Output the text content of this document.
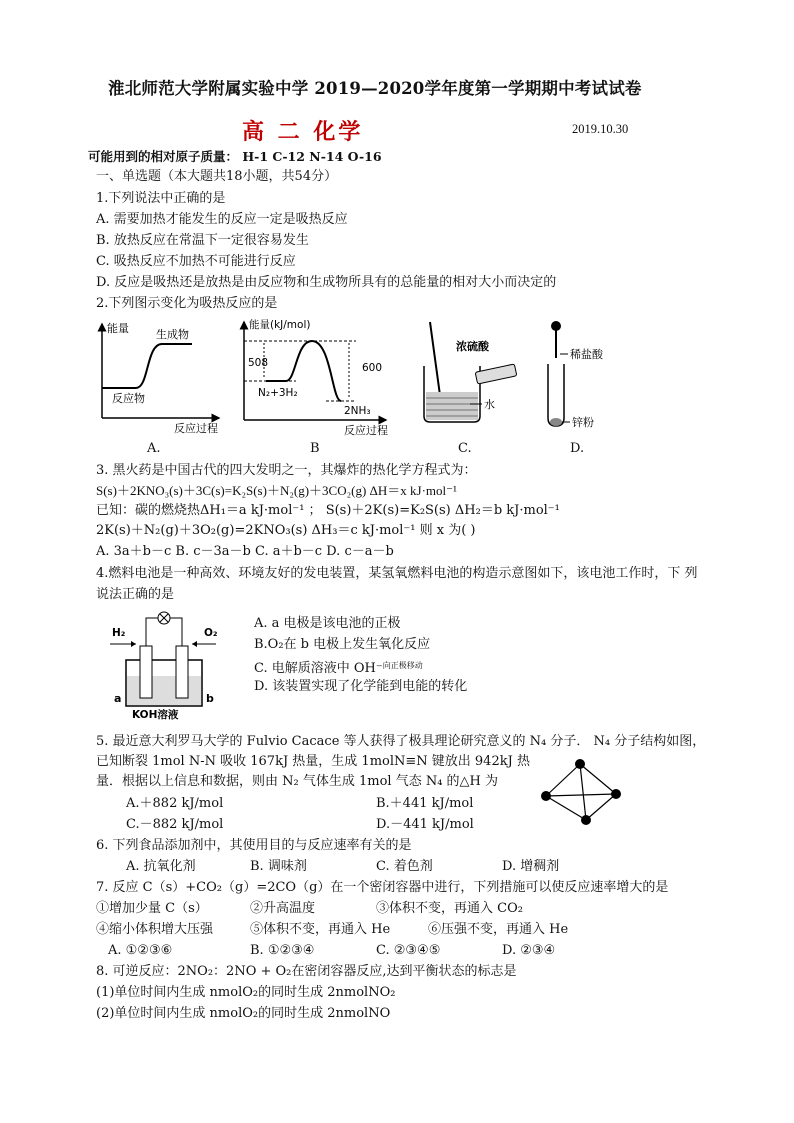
淮北师范大学附属实验中学 2019—2020学年度第一学期期中考试试卷
高 二 化学	2019.10.30
可能用到的相对原子质量： H-1 C-12 N-14 O-16
一、单选题（本大题共18小题，共54分）
1.下列说法中正确的是
A. 需要加热才能发生的反应一定是吸热反应
B. 放热反应在常温下一定很容易发生
C. 吸热反应不加热不可能进行反应
D. 反应是吸热还是放热是由反应物和生成物所具有的总能量的相对大小而决定的
2.下列图示变化为吸热反应的是
能量 生成物
反应物
反应过程
A.
能量(kJ/mol)
508	600
N₂+3H₂
2NH₃
反应过程
B
浓硫酸
水
C.
稀盐酸
锌粉
D.
3. 黑火药是中国古代的四大发明之一，其爆炸的热化学方程式为：
S(s)＋2KNO₃(s)＋3C(s)=K₂S(s)＋N₂(g)＋3CO₂(g) ΔH＝x kJ·mol⁻¹
已知：碳的燃烧热ΔH₁＝a kJ·mol⁻¹ ； S(s)＋2K(s)=K₂S(s) ΔH₂＝b kJ·mol⁻¹
2K(s)＋N₂(g)＋3O₂(g)=2KNO₃(s) ΔH₃＝c kJ·mol⁻¹ 则 x 为( )
A. 3a＋b－c B. c－3a－b C. a＋b－c D. c－a－b
4.燃料电池是一种高效、环境友好的发电装置，某氢氧燃料电池的构造示意图如下，该电池工作时，下 列
说法正确的是
H₂	O₂
a	b
KOH溶液
A. a 电极是该电池的正极
B.O₂在 b 电极上发生氧化反应
C. 电解质溶液中 OH⁻$^{向正极移动}$
D. 该装置实现了化学能到电能的转化
5. 最近意大利罗马大学的 Fulvio Cacace 等人获得了极具理论研究意义的 N₄ 分子． N₄ 分子结构如图，
已知断裂 1mol N-N 吸收 167kJ 热量，生成 1molN≡N 键放出 942kJ 热
量．根据以上信息和数据，则由 N₂ 气体生成 1mol 气态 N₄ 的△H 为
A.＋882 kJ/mol	B.＋441 kJ/mol
C.－882 kJ/mol	D.－441 kJ/mol
6. 下列食品添加剂中，其使用目的与反应速率有关的是
A. 抗氧化剂	B. 调味剂	C. 着色剂	D. 增稠剂
7. 反应 C（s）+CO₂（g）=2CO（g）在一个密闭容器中进行，下列措施可以使反应速率增大的是
①增加少量 C（s）	②升高温度	③体积不变，再通入 CO₂
④缩小体积增大压强	⑤体积不变，再通入 He	⑥压强不变，再通入 He
A. ①②③⑥	B. ①②③④	C. ②③④⑤	D. ②③④
8. 可逆反应：2NO₂：2NO + O₂在密闭容器反应,达到平衡状态的标志是
(1)单位时间内生成 nmolO₂的同时生成 2nmolNO₂
(2)单位时间内生成 nmolO₂的同时生成 2nmolNO
